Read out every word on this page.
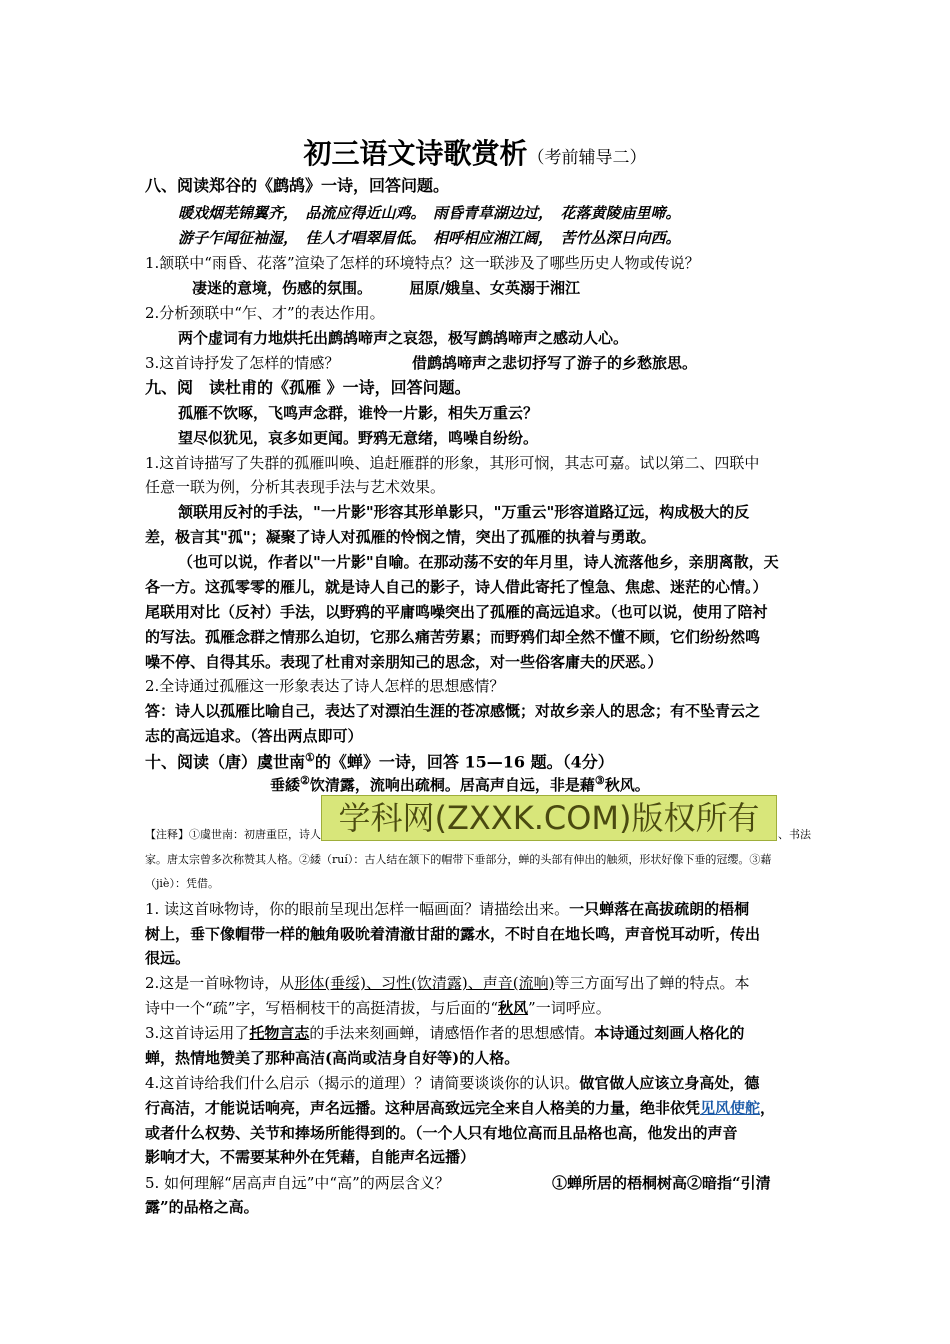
初三语文诗歌赏析（考前辅导二）
八、阅读郑谷的《鹧鸪》一诗，回答问题。
暖戏烟芜锦翼齐，　品流应得近山鸡。　雨昏青草湖边过，　花落黄陵庙里啼。
游子乍闻征袖湿，　佳人才唱翠眉低。　相呼相应湘江阔，　苦竹丛深日向西。
1.颔联中“雨昏、花落”渲染了怎样的环境特点？这一联涉及了哪些历史人物或传说？
凄迷的意境，伤感的氛围。　　　屈原/娥皇、女英溺于湘江
2.分析颈联中“乍、才”的表达作用。
两个虚词有力地烘托出鹧鸪啼声之哀怨，极写鹧鸪啼声之感动人心。
3.这首诗抒发了怎样的情感？	借鹧鸪啼声之悲切抒写了游子的乡愁旅思。
九、阅　读杜甫的《孤雁 》一诗，回答问题。
孤雁不饮啄，飞鸣声念群，谁怜一片影，相失万重云？
望尽似犹见，哀多如更闻。野鸦无意绪，鸣噪自纷纷。
1.这首诗描写了失群的孤雁叫唤、追赶雁群的形象，其形可悯，其志可嘉。试以第二、四联中
任意一联为例，分析其表现手法与艺术效果。
颔联用反衬的手法，"一片影"形容其形单影只，"万重云"形容道路辽远，构成极大的反
差，极言其"孤"；凝聚了诗人对孤雁的怜悯之情，突出了孤雁的执着与勇敢。
（也可以说，作者以"一片影"自喻。在那动荡不安的年月里，诗人流落他乡，亲朋离散，天
各一方。这孤零零的雁儿，就是诗人自己的影子，诗人借此寄托了惶急、焦虑、迷茫的心情。）
尾联用对比（反衬）手法，以野鸦的平庸鸣噪突出了孤雁的高远追求。（也可以说，使用了陪衬
的写法。孤雁念群之情那么迫切，它那么痛苦劳累；而野鸦们却全然不懂不顾，它们纷纷然鸣
噪不停、自得其乐。表现了杜甫对亲朋知己的思念，对一些俗客庸夫的厌恶。）
2.全诗通过孤雁这一形象表达了诗人怎样的思想感情？
答：诗人以孤雁比喻自己，表达了对漂泊生涯的苍凉感慨；对故乡亲人的思念；有不坠青云之
志的高远追求。（答出两点即可）
十、阅读（唐）虞世南①的《蝉》一诗，回答 15—16 题。（4分）
垂緌②饮清露，流响出疏桐。居高声自远，非是藉③秋风。
【注释】①虞世南：初唐重臣，诗人	、书法
学科网(ZXXK.COM)版权所有
家。唐太宗曾多次称赞其人格。②緌（ruí）：古人结在颔下的帽带下垂部分，蝉的头部有伸出的触须，形状好像下垂的冠缨。③藉
（jiè）：凭借。
1. 读这首咏物诗，你的眼前呈现出怎样一幅画面？请描绘出来。一只蝉落在高拔疏朗的梧桐
树上，垂下像帽带一样的触角吸吮着清澈甘甜的露水，不时自在地长鸣，声音悦耳动听，传出
很远。
2.这是一首咏物诗，从形体(垂绥)、习性(饮清露)、声音(流响)等三方面写出了蝉的特点。本
诗中一个“疏”字，写梧桐枝干的高挺清拔，与后面的“秋风”一词呼应。
3.这首诗运用了托物言志的手法来刻画蝉，请感悟作者的思想感情。本诗通过刻画人格化的
蝉，热情地赞美了那种高洁(高尚或洁身自好等)的人格。
4.这首诗给我们什么启示（揭示的道理）？请简要谈谈你的认识。做官做人应该立身高处，德
行高洁，才能说话响亮，声名远播。这种居高致远完全来自人格美的力量，绝非依凭见风使舵，
或者什么权势、关节和捧场所能得到的。（一个人只有地位高而且品格也高，他发出的声音
影响才大，不需要某种外在凭藉，自能声名远播）
5. 如何理解“居高声自远”中“高”的两层含义？	①蝉所居的梧桐树高②暗指“引清
露”的品格之高。
